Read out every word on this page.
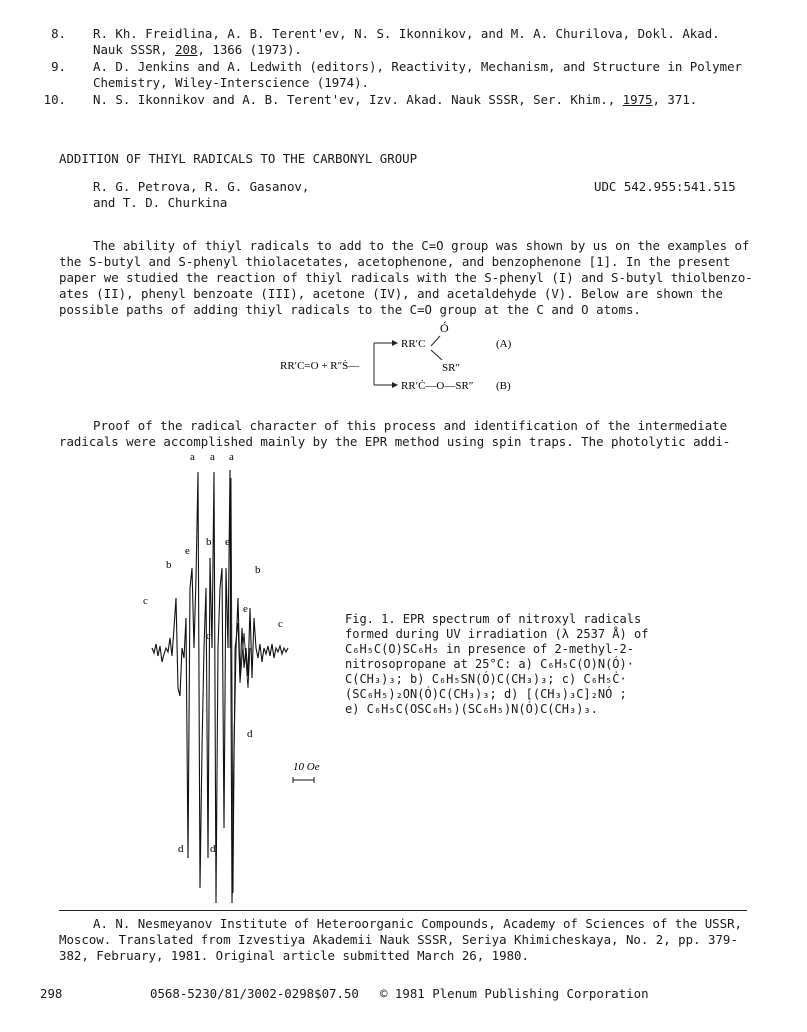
8. R. Kh. Freidlina, A. B. Terent'ev, N. S. Ikonnikov, and M. A. Churilova, Dokl. Akad.
Nauk SSSR, 208, 1366 (1973).
9. A. D. Jenkins and A. Ledwith (editors), Reactivity, Mechanism, and Structure in Polymer
Chemistry, Wiley-Interscience (1974).
10. N. S. Ikonnikov and A. B. Terent'ev, Izv. Akad. Nauk SSSR, Ser. Khim., 1975, 371.
ADDITION OF THIYL RADICALS TO THE CARBONYL GROUP
R. G. Petrova, R. G. Gasanov,
and T. D. Churkina
UDC 542.955:541.515
The ability of thiyl radicals to add to the C=O group was shown by us on the examples of
the S-butyl and S-phenyl thiolacetates, acetophenone, and benzophenone [1]. In the present
paper we studied the reaction of thiyl radicals with the S-phenyl (I) and S-butyl thiolbenzo-
ates (II), phenyl benzoate (III), acetone (IV), and acetaldehyde (V). Below are shown the
possible paths of adding thiyl radicals to the C=O group at the C and O atoms.
Ó
RR′C	(A)
SR″
RR′C=O + R″Ṡ—
RR′Ċ—O—SR″ (B)
Proof of the radical character of this process and identification of the intermediate
radicals were accomplished mainly by the EPR method using spin traps. The photolytic addi-
a a a
b
e
b e
b
c
e
c
c
d
d d
10 Oe
Fig. 1. EPR spectrum of nitroxyl radicals
formed during UV irradiation (λ 2537 Å) of
C₆H₅C(O)SC₆H₅ in presence of 2-methyl-2-
nitrosopropane at 25°C: a) C₆H₅C(O)N(Ó)·
C(CH₃)₃; b) C₆H₅SN(Ó)C(CH₃)₃; c) C₆H₅Ċ·
(SC₆H₅)₂ON(Ó)C(CH₃)₃; d) [(CH₃)₃C]₂NÓ ;
e) C₆H₅C(OSC₆H₅)(SC₆H₅)N(Ó)C(CH₃)₃.
A. N. Nesmeyanov Institute of Heteroorganic Compounds, Academy of Sciences of the USSR,
Moscow. Translated from Izvestiya Akademii Nauk SSSR, Seriya Khimicheskaya, No. 2, pp. 379-
382, February, 1981. Original article submitted March 26, 1980.
298	0568-5230/81/3002-0298$07.50 © 1981 Plenum Publishing Corporation
